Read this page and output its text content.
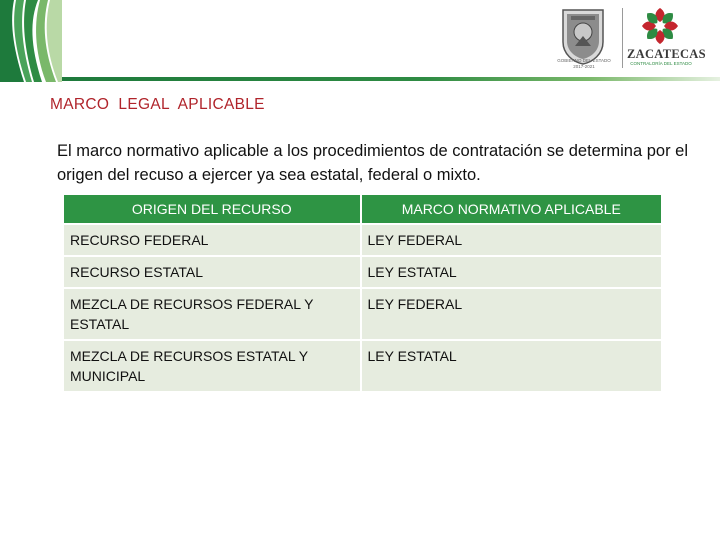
GOBIERNO DEL ESTADO 2017-2021
ZACATECAS
CONTRALORÍA DEL ESTADO
MARCO  LEGAL  APLICABLE
El marco normativo aplicable a los procedimientos de contratación se determina por el origen del recuso a ejercer ya sea estatal, federal o mixto.
ORIGEN DEL RECURSO	MARCO NORMATIVO APLICABLE
RECURSO FEDERAL	LEY FEDERAL
RECURSO ESTATAL	LEY ESTATAL
MEZCLA DE RECURSOS FEDERAL Y ESTATAL	LEY FEDERAL
MEZCLA DE RECURSOS ESTATAL Y MUNICIPAL	LEY ESTATAL
